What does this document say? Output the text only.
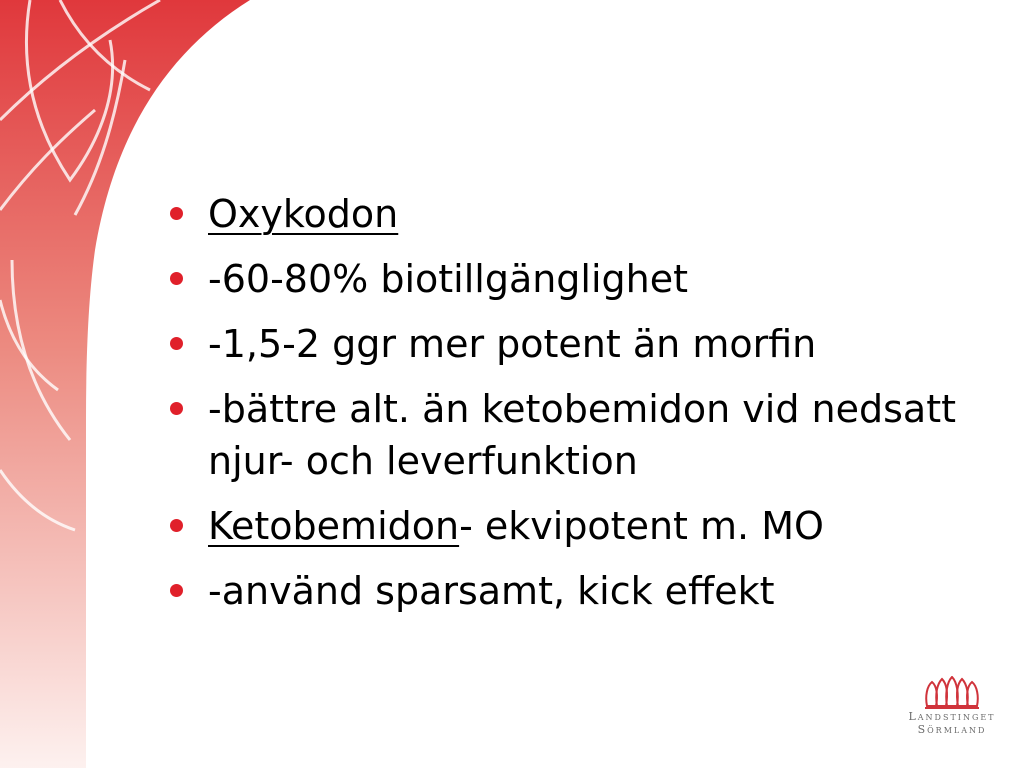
Oxykodon
-60-80% biotillgänglighet
-1,5-2 ggr mer potent än morfin
-bättre alt. än ketobemidon vid nedsatt njur- och leverfunktion
Ketobemidon- ekvipotent m. MO
-använd sparsamt, kick effekt
Landstinget
Sörmland
